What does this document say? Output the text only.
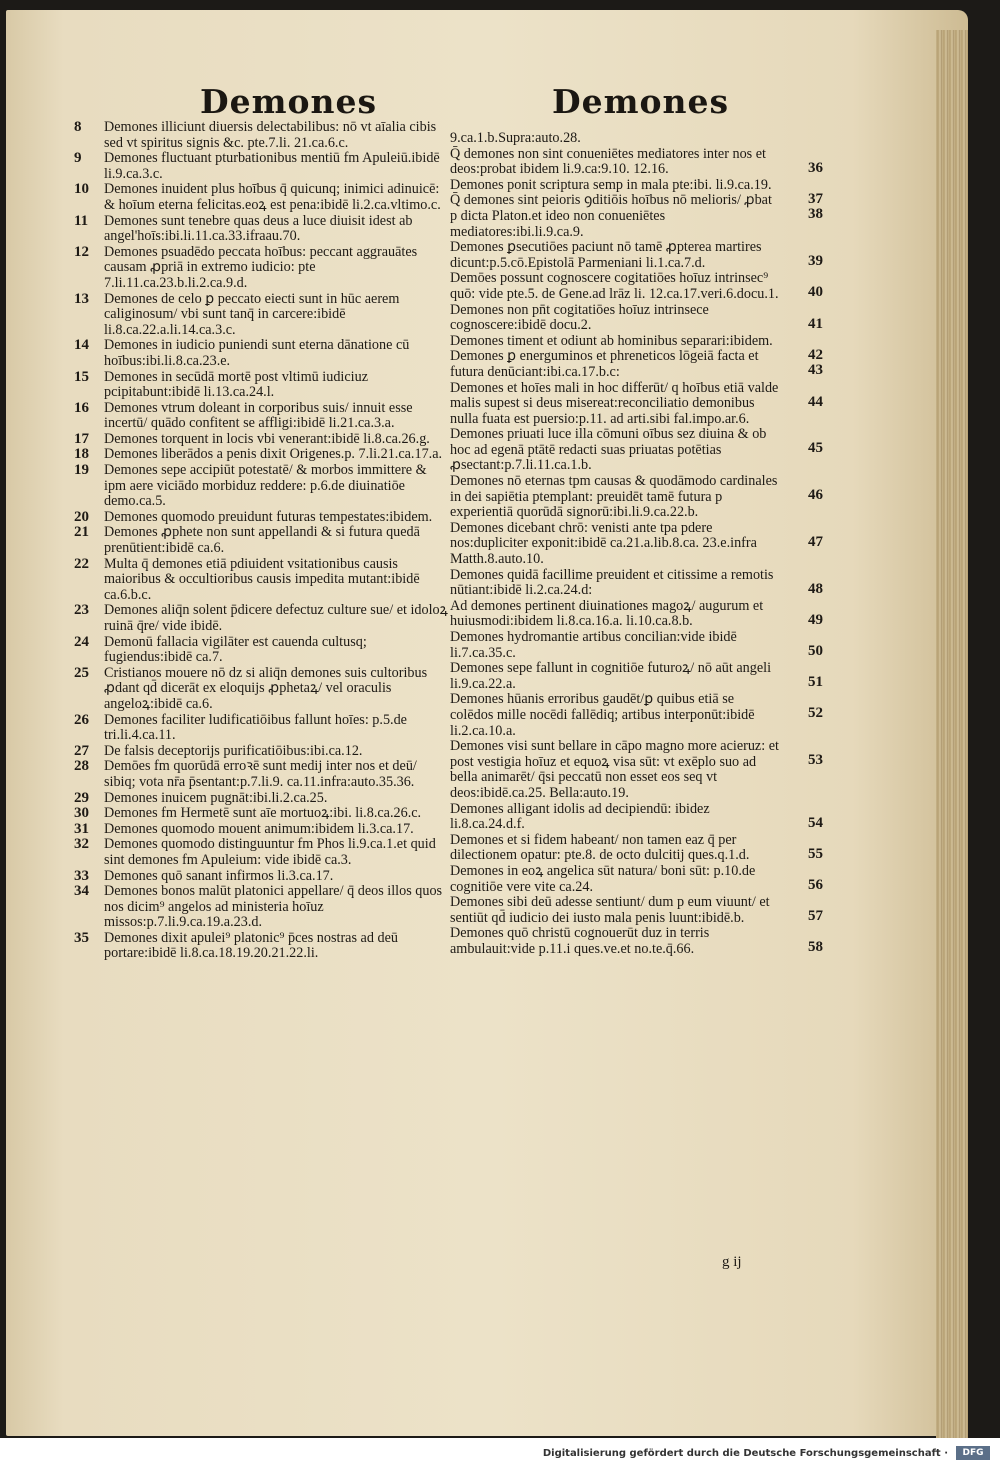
Demones	Demones
8 Demones illiciunt diuersis delectabilibus: nō vt aīalia cibis sed vt spiritus signis &c. pte.7.li. 21.ca.6.c.
9 Demones fluctuant pturbationibus mentiū fm Apuleiū.ibidē li.9.ca.3.c.
10 Demones inuident plus hoībus q̄ quicunq; inimici adinuicē: & hoīum eterna felicitas.eoꝝ est pena:ibidē li.2.ca.vltimo.c.
11 Demones sunt tenebre quas deus a luce diuisit idest ab angel'hoīs:ibi.li.11.ca.33.ifraau.70.
12 Demones psuadēdo peccata hoībus: peccant aggrauātes causam ꝓpriā in extremo iudicio: pte 7.li.11.ca.23.b.li.2.ca.9.d.
13 Demones de celo ꝑ peccato eiecti sunt in hūc aerem caliginosum/ vbi sunt tanq̄ in carcere:ibidē li.8.ca.22.a.li.14.ca.3.c.
14 Demones in iudicio puniendi sunt eterna dānatione cū hoībus:ibi.li.8.ca.23.e.
15 Demones in secūdā mortē post vltimū iudiciuz pcipitabunt:ibidē li.13.ca.24.l.
16 Demones vtrum doleant in corporibus suis/ innuit esse incertū/ quādo confitent se affligi:ibidē li.21.ca.3.a.
17 Demones torquent in locis vbi venerant:ibidē li.8.ca.26.g.
18 Demones liberādos a penis dixit Origenes.p. 7.li.21.ca.17.a.
19 Demones sepe accipiūt potestatē/ & morbos immittere & ipm aere viciādo morbiduz reddere: p.6.de diuinatiōe demo.ca.5.
20 Demones quomodo preuidunt futuras tempestates:ibidem.
21 Demones ꝓphete non sunt appellandi & si futura quedā prenūtient:ibidē ca.6.
22 Multa q̄ demones etiā pdiuident vsitationibus causis maioribus & occultioribus causis impedita mutant:ibidē ca.6.b.c.
23 Demones aliq̄n solent p̄dicere defectuz culture sue/ et idoloꝝ ruinā q̄re/ vide ibidē.
24 Demonū fallacia vigilāter est cauenda cultusq; fugiendus:ibidē ca.7.
25 Cristianos mouere nō dz si aliq̄n demones suis cultoribus ꝓdant qd̄ dicerāt ex eloquijs ꝓphetaꝝ/ vel oraculis angeloꝝ:ibidē ca.6.
26 Demones faciliter ludificatiōibus fallunt hoīes: p.5.de tri.li.4.ca.11.
27 De falsis deceptorijs purificatiōibus:ibi.ca.12.
28 Demōes fm quorūdā erroꝛē sunt medij inter nos et deū/ sibiq; vota nr̄a p̄sentant:p.7.li.9. ca.11.infra:auto.35.36.
29 Demones inuicem pugnāt:ibi.li.2.ca.25.
30 Demones fm Hermetē sunt aīe mortuoꝝ:ibi. li.8.ca.26.c.
31 Demones quomodo mouent animum:ibidem li.3.ca.17.
32 Demones quomodo distinguuntur fm Phos li.9.ca.1.et quid sint demones fm Apuleium: vide ibidē ca.3.
33 Demones quō sanant infirmos li.3.ca.17.
34 Demones bonos malūt platonici appellare/ q̄ deos illos quos nos dicim⁹ angelos ad ministeria hoīuz missos:p.7.li.9.ca.19.a.23.d.
35 Demones dixit apulei⁹ platonic⁹ p̄ces nostras ad deū portare:ibidē li.8.ca.18.19.20.21.22.li.
9.ca.1.b.Supra:auto.28.
36
Q̄ demones non sint conueniētes mediatores inter nos et deos:probat ibidem li.9.ca:9.10. 12.16.
37
Demones ponit scriptura semp in mala pte:ibi. li.9.ca.19.
38
Q̄ demones sint peioris ꝯditiōis hoībus nō melioris/ ꝓbat p dicta Platon.et ideo non conueniētes mediatores:ibi.li.9.ca.9.
39
Demones ꝑsecutiōes paciunt nō tamē ꝓpterea martires dicunt:p.5.cō.Epistolā Parmeniani li.1.ca.7.d.
40
Demōes possunt cognoscere cogitatiōes hoīuz intrinsec⁹ quō: vide pte.5. de Gene.ad lrāz li. 12.ca.17.veri.6.docu.1.
41
Demones non pn̄t cogitatiōes hoīuz intrinsece cognoscere:ibidē docu.2.
42
Demones timent et odiunt ab hominibus separari:ibidem.
43
Demones ꝑ energuminos et phreneticos lōgeiā facta et futura denūciant:ibi.ca.17.b.c:
44
Demones et hoīes mali in hoc differūt/ q hoībus etiā valde malis supest si deus misereat:reconciliatio demonibus nulla fuata est puersio:p.11. ad arti.sibi fal.impo.ar.6.
45
Demones priuati luce illa cōmuni oībus sez diuina & ob hoc ad egenā ptātē redacti suas priuatas potētias ꝓsectant:p.7.li.11.ca.1.b.
46
Demones nō eternas tpm causas & quodāmodo cardinales in dei sapiētia ptemplant: preuidēt tamē futura p experientiā quorūdā signorū:ibi.li.9.ca.22.b.
47
Demones dicebant chrō: venisti ante tpa pdere nos:dupliciter exponit:ibidē ca.21.a.lib.8.ca. 23.e.infra Matth.8.auto.10.
48
Demones quidā facillime preuident et citissime a remotis nūtiant:ibidē li.2.ca.24.d:
49
Ad demones pertinent diuinationes magoꝝ/ augurum et huiusmodi:ibidem li.8.ca.16.a. li.10.ca.8.b.
50
Demones hydromantie artibus concilian:vide ibidē li.7.ca.35.c.
51
Demones sepe fallunt in cognitiōe futuroꝝ/ nō aūt angeli li.9.ca.22.a.
52
Demones hūanis erroribus gaudēt/ꝑ quibus etiā se colēdos mille nocēdi fallēdiq; artibus interponūt:ibidē li.2.ca.10.a.
53
Demones visi sunt bellare in cāpo magno more acieruz: et post vestigia hoīuz et equoꝝ visa sūt: vt exēplo suo ad bella animarēt/ q̄si peccatū non esset eos seq vt deos:ibidē.ca.25. Bella:auto.19.
54
Demones alligant idolis ad decipiendū: ibidez li.8.ca.24.d.f.
55
Demones et si fidem habeant/ non tamen eaz q̄ per dilectionem opatur: pte.8. de octo dulcitij ques.q.1.d.
56
Demones in eoꝝ angelica sūt natura/ boni sūt: p.10.de cognitiōe vere vite ca.24.
57
Demones sibi deū adesse sentiunt/ dum p eum viuunt/ et sentiūt qd̄ iudicio dei iusto mala penis luunt:ibidē.b.
58
Demones quō christū cognouerūt duz in terris ambulauit:vide p.11.i ques.ve.et no.te.q̄.66.
g ij
Digitalisierung gefördert durch die Deutsche Forschungsgemeinschaft ·	DFG
